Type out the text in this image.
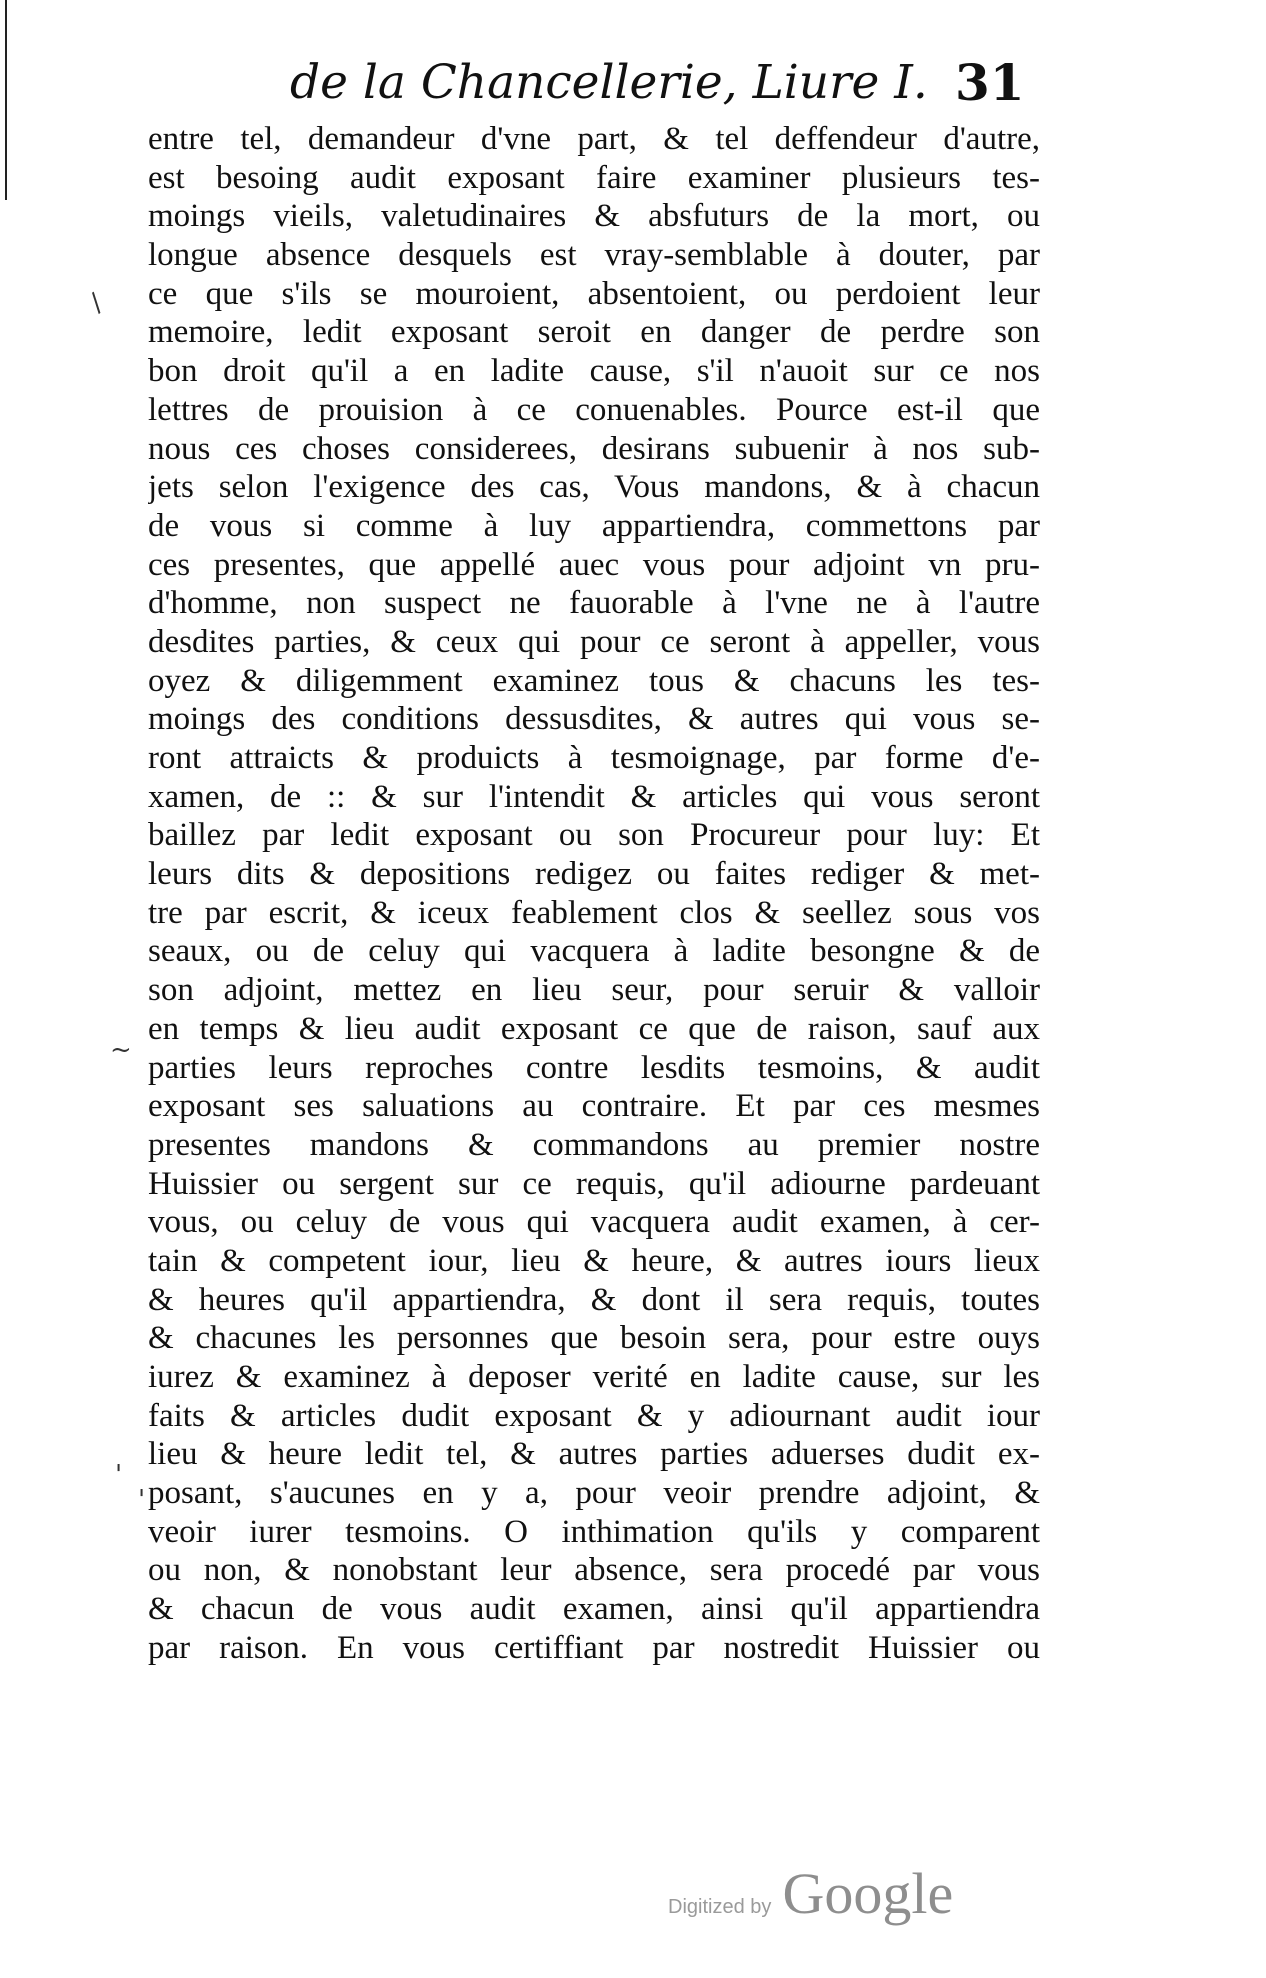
de la Chancellerie, Liure I. 31
/
~
'
'
entre tel, demandeur d'vne part, & tel deffendeur d'autre,
est besoing audit exposant faire examiner plusieurs tes-
moings vieils, valetudinaires & absfuturs de la mort, ou
longue absence desquels est vray-semblable à douter, par
ce que s'ils se mouroient, absentoient, ou perdoient leur
memoire, ledit exposant seroit en danger de perdre son
bon droit qu'il a en ladite cause, s'il n'auoit sur ce nos
lettres de prouision à ce conuenables. Pource est-il que
nous ces choses considerees, desirans subuenir à nos sub-
jets selon l'exigence des cas, Vous mandons, & à chacun
de vous si comme à luy appartiendra, commettons par
ces presentes, que appellé auec vous pour adjoint vn pru-
d'homme, non suspect ne fauorable à l'vne ne à l'autre
desdites parties, & ceux qui pour ce seront à appeller, vous
oyez & diligemment examinez tous & chacuns les tes-
moings des conditions dessusdites, & autres qui vous se-
ront attraicts & produicts à tesmoignage, par forme d'e-
xamen, de :: & sur l'intendit & articles qui vous seront
baillez par ledit exposant ou son Procureur pour luy: Et
leurs dits & depositions redigez ou faites rediger & met-
tre par escrit, & iceux feablement clos & seellez sous vos
seaux, ou de celuy qui vacquera à ladite besongne & de
son adjoint, mettez en lieu seur, pour seruir & valloir
en temps & lieu audit exposant ce que de raison, sauf aux
parties leurs reproches contre lesdits tesmoins, & audit
exposant ses saluations au contraire. Et par ces mesmes
presentes mandons & commandons au premier nostre
Huissier ou sergent sur ce requis, qu'il adiourne pardeuant
vous, ou celuy de vous qui vacquera audit examen, à cer-
tain & competent iour, lieu & heure, & autres iours lieux
& heures qu'il appartiendra, & dont il sera requis, toutes
& chacunes les personnes que besoin sera, pour estre ouys
iurez & examinez à deposer verité en ladite cause, sur les
faits & articles dudit exposant & y adiournant audit iour
lieu & heure ledit tel, & autres parties aduerses dudit ex-
posant, s'aucunes en y a, pour veoir prendre adjoint, &
veoir iurer tesmoins. O inthimation qu'ils y comparent
ou non, & nonobstant leur absence, sera procedé par vous
& chacun de vous audit examen, ainsi qu'il appartiendra
par raison. En vous certiffiant par nostredit Huissier ou
Digitized by Google
